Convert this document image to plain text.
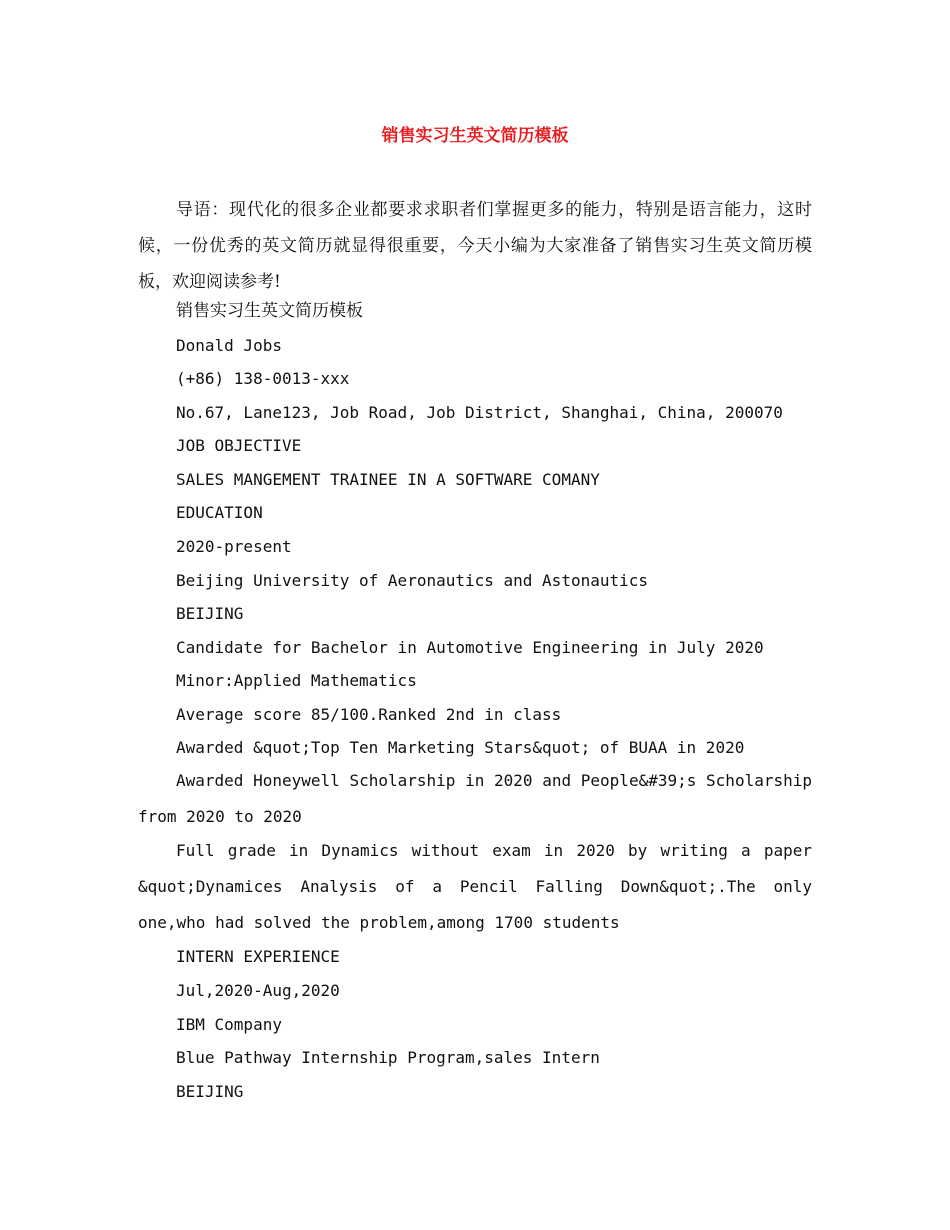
销售实习生英文简历模板

导语：现代化的很多企业都要求求职者们掌握更多的能力，特别是语言能力，这时候，一份优秀的英文简历就显得很重要，今天小编为大家准备了销售实习生英文简历模板，欢迎阅读参考!

销售实习生英文简历模板
Donald Jobs
(+86) 138-0013-xxx
No.67, Lane123, Job Road, Job District, Shanghai, China, 200070
JOB OBJECTIVE
SALES MANGEMENT TRAINEE IN A SOFTWARE COMANY
EDUCATION
2020-present
Beijing University of Aeronautics and Astonautics
BEIJING
Candidate for Bachelor in Automotive Engineering in July 2020
Minor:Applied Mathematics
Average score 85/100.Ranked 2nd in class
Awarded &quot;Top Ten Marketing Stars&quot; of BUAA in 2020

Awarded Honeywell Scholarship in 2020 and People&#39;s Scholarship from 2020 to 2020

Full grade in Dynamics without exam in 2020 by writing a paper &quot;Dynamices Analysis of a Pencil Falling Down&quot;.The only one,who had solved the problem,among 1700 students

INTERN EXPERIENCE
Jul,2020-Aug,2020
IBM Company
Blue Pathway Internship Program,sales Intern
BEIJING
